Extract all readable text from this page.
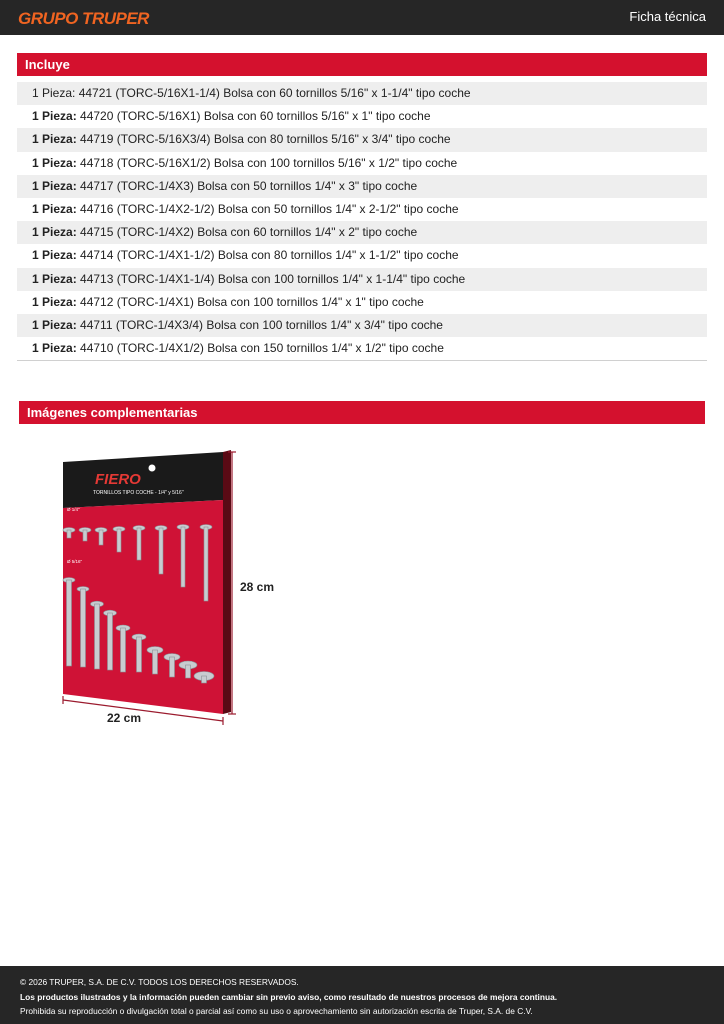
GRUPO TRUPER	Ficha técnica
Incluye
1 Pieza: 44721 (TORC-5/16X1-1/4) Bolsa con 60 tornillos 5/16" x 1-1/4" tipo coche
1 Pieza: 44720 (TORC-5/16X1) Bolsa con 60 tornillos 5/16" x 1" tipo coche
1 Pieza: 44719 (TORC-5/16X3/4) Bolsa con 80 tornillos 5/16" x 3/4" tipo coche
1 Pieza: 44718 (TORC-5/16X1/2) Bolsa con 100 tornillos 5/16" x 1/2" tipo coche
1 Pieza: 44717 (TORC-1/4X3) Bolsa con 50 tornillos 1/4" x 3" tipo coche
1 Pieza: 44716 (TORC-1/4X2-1/2) Bolsa con 50 tornillos 1/4" x 2-1/2" tipo coche
1 Pieza: 44715 (TORC-1/4X2) Bolsa con 60 tornillos 1/4" x 2" tipo coche
1 Pieza: 44714 (TORC-1/4X1-1/2) Bolsa con 80 tornillos 1/4" x 1-1/2" tipo coche
1 Pieza: 44713 (TORC-1/4X1-1/4) Bolsa con 100 tornillos 1/4" x 1-1/4" tipo coche
1 Pieza: 44712 (TORC-1/4X1) Bolsa con 100 tornillos 1/4" x 1" tipo coche
1 Pieza: 44711 (TORC-1/4X3/4) Bolsa con 100 tornillos 1/4" x 3/4" tipo coche
1 Pieza: 44710 (TORC-1/4X1/2) Bolsa con 150 tornillos 1/4" x 1/2" tipo coche
Imágenes complementarias
FIERO
TORNILLOS TIPO COCHE - 1/4" y 5/16"
Ø 1/4"
Ø 5/16"
28 cm
22 cm

© 2026 TRUPER, S.A. DE C.V. TODOS LOS DERECHOS RESERVADOS.

Los productos ilustrados y la información pueden cambiar sin previo aviso, como resultado de nuestros procesos de mejora continua.

Prohibida su reproducción o divulgación total o parcial así como su uso o aprovechamiento sin autorización escrita de Truper, S.A. de C.V.
